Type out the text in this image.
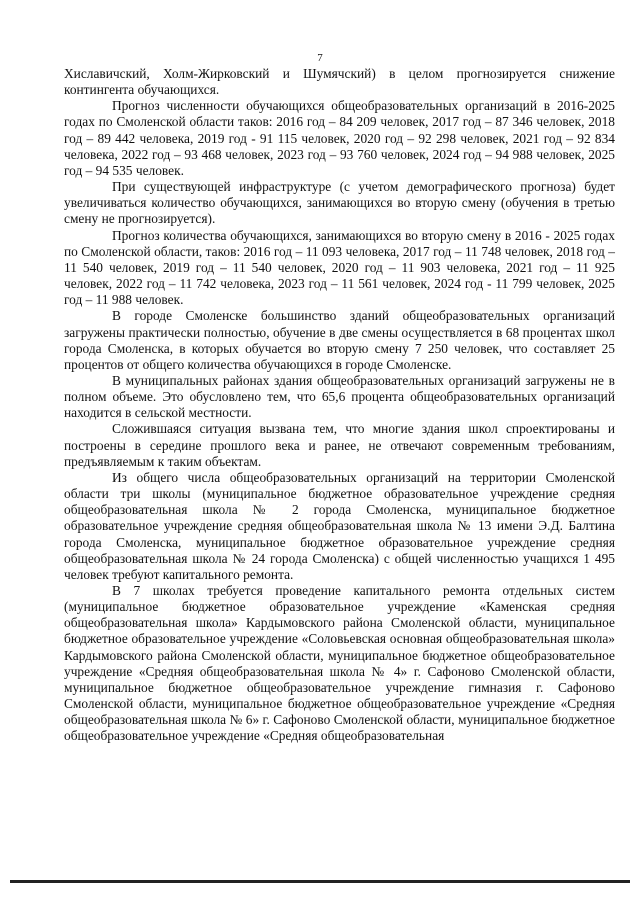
7

Хиславичский, Холм-Жирковский и Шумячский) в целом прогнозируется снижение контингента обучающихся.

Прогноз численности обучающихся общеобразовательных организаций в 2016-2025 годах по Смоленской области таков: 2016 год – 84 209 человек, 2017 год – 87 346 человек, 2018 год – 89 442 человека, 2019 год - 91 115 человек, 2020 год – 92 298 человек, 2021 год – 92 834 человека, 2022 год – 93 468 человек, 2023 год – 93 760 человек, 2024 год – 94 988 человек, 2025 год – 94 535 человек.

При существующей инфраструктуре (с учетом демографического прогноза) будет увеличиваться количество обучающихся, занимающихся во вторую смену (обучения в третью смену не прогнозируется).

Прогноз количества обучающихся, занимающихся во вторую смену в 2016 - 2025 годах по Смоленской области, таков: 2016 год – 11 093 человека, 2017 год – 11 748 человек, 2018 год – 11 540 человек, 2019 год – 11 540 человек, 2020 год – 11 903 человека, 2021 год – 11 925 человек, 2022 год – 11 742 человека, 2023 год – 11 561 человек, 2024 год - 11 799 человек, 2025 год – 11 988 человек.

В городе Смоленске большинство зданий общеобразовательных организаций загружены практически полностью, обучение в две смены осуществляется в 68 процентах школ города Смоленска, в которых обучается во вторую смену 7 250 человек, что составляет 25 процентов от общего количества обучающихся в городе Смоленске.

В муниципальных районах здания общеобразовательных организаций загружены не в полном объеме. Это обусловлено тем, что 65,6 процента общеобразовательных организаций находится в сельской местности.

Сложившаяся ситуация вызвана тем, что многие здания школ спроектированы и построены в середине прошлого века и ранее, не отвечают современным требованиям, предъявляемым к таким объектам.

Из общего числа общеобразовательных организаций на территории Смоленской области три школы (муниципальное бюджетное образовательное учреждение средняя общеобразовательная школа № 2 города Смоленска, муниципальное бюджетное образовательное учреждение средняя общеобразовательная школа № 13 имени Э.Д. Балтина города Смоленска, муниципальное бюджетное образовательное учреждение средняя общеобразовательная школа № 24 города Смоленска) с общей численностью учащихся 1 495 человек требуют капитального ремонта.

В 7 школах требуется проведение капитального ремонта отдельных систем (муниципальное бюджетное образовательное учреждение «Каменская средняя общеобразовательная школа» Кардымовского района Смоленской области, муниципальное бюджетное образовательное учреждение «Соловьевская основная общеобразовательная школа» Кардымовского района Смоленской области, муниципальное бюджетное общеобразовательное учреждение «Средняя общеобразовательная школа № 4» г. Сафоново Смоленской области, муниципальное бюджетное общеобразовательное учреждение гимназия г. Сафоново Смоленской области, муниципальное бюджетное общеобразовательное учреждение «Средняя общеобразовательная школа № 6» г. Сафоново Смоленской области, муниципальное бюджетное общеобразовательное учреждение «Средняя общеобразовательная
